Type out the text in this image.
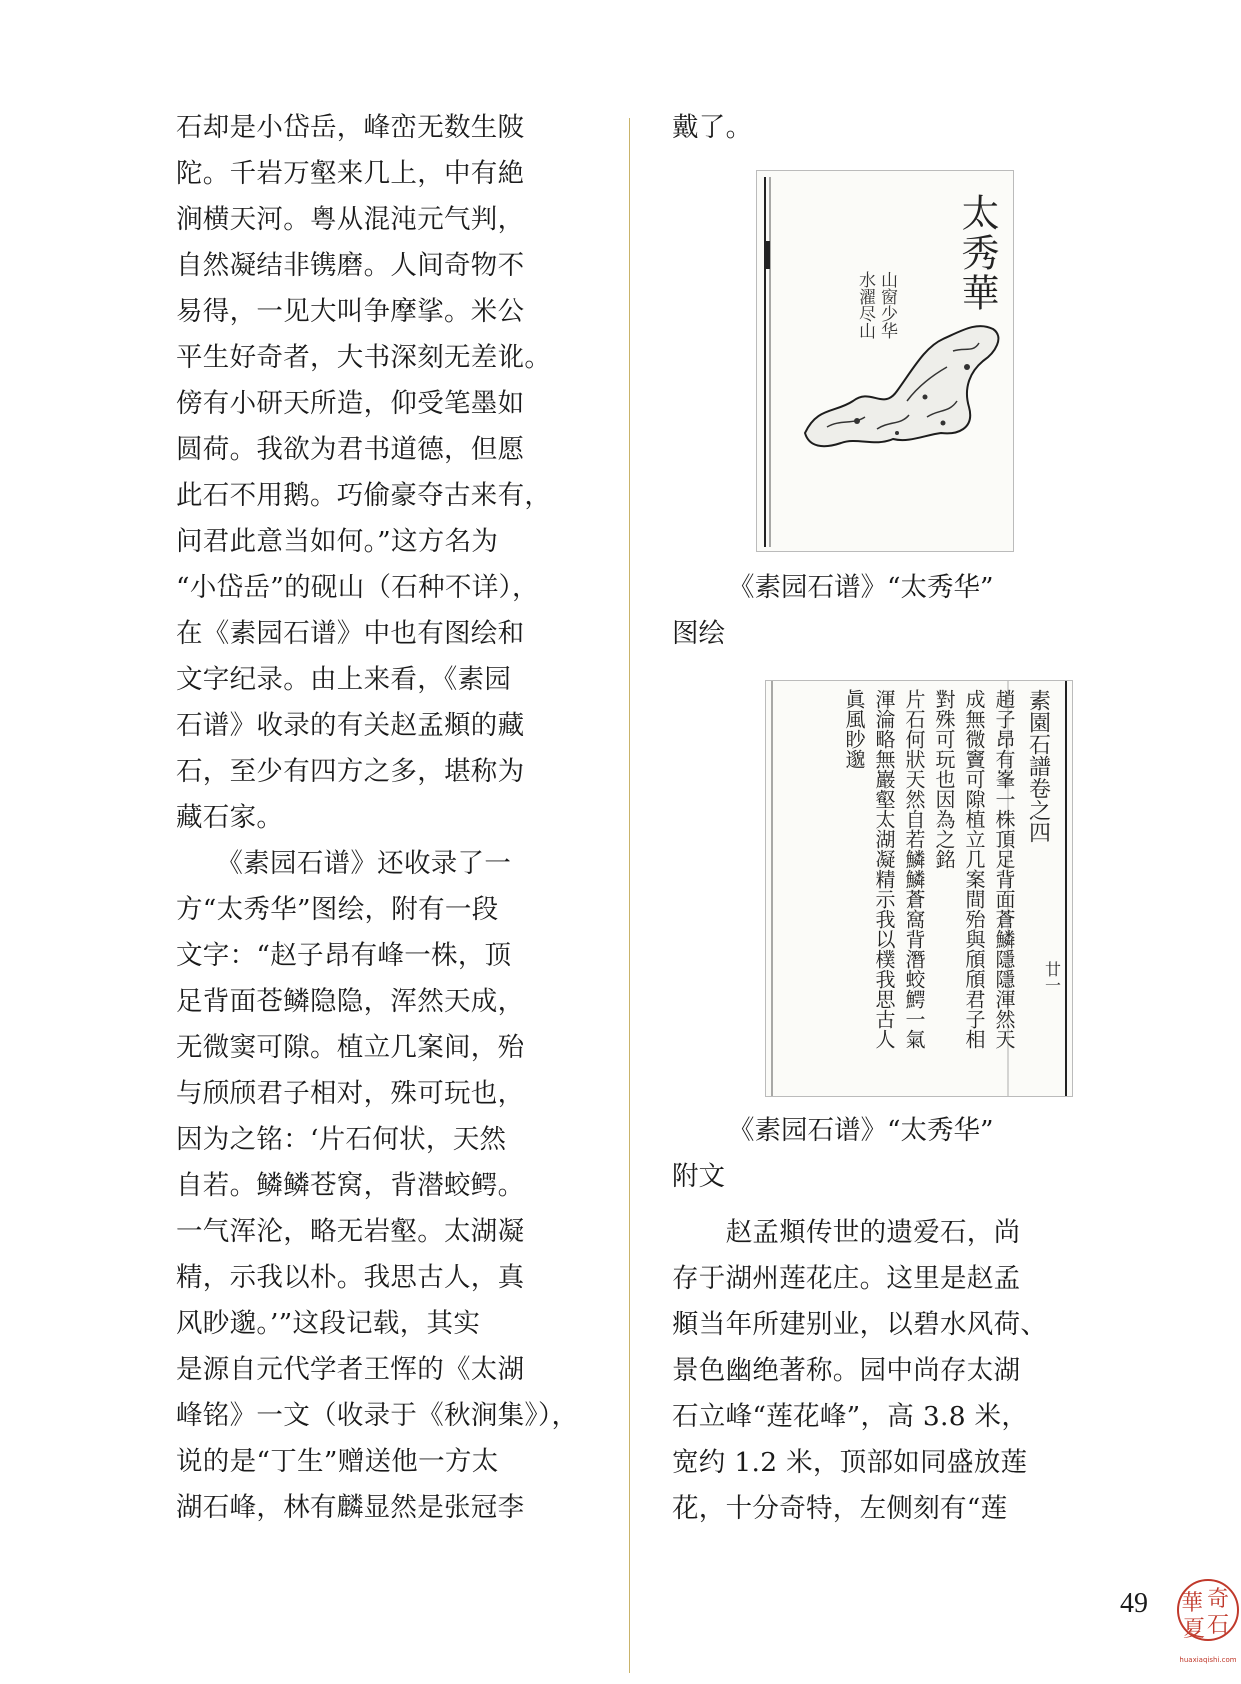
石却是小岱岳，峰峦无数生陂
陀。千岩万壑来几上，中有絶
涧横天河。粤从混沌元气判，
自然凝结非镌磨。人间奇物不
易得，一见大叫争摩挲。米公
平生好奇者，大书深刻无差讹。
傍有小研天所造，仰受笔墨如
圆荷。我欲为君书道德，但愿
此石不用鹅。巧偷豪夺古来有，
问君此意当如何。”这方名为
“小岱岳”的砚山（石种不详），
在《素园石谱》中也有图绘和
文字纪录。由上来看，《素园
石谱》收录的有关赵孟頫的藏
石，至少有四方之多，堪称为
藏石家。
　　《素园石谱》还收录了一
方“太秀华”图绘，附有一段
文字：“赵子昂有峰一株，顶
足背面苍鳞隐隐，浑然天成，
无微窦可隙。植立几案间，殆
与颀颀君子相对，殊可玩也，
因为之铭：‘片石何状，天然
自若。鳞鳞苍窝，背潜蛟鳄。
一气浑沦，略无岩壑。太湖凝
精，示我以朴。我思古人，真
风眇邈。’”这段记载，其实
是源自元代学者王恽的《太湖
峰铭》一文（收录于《秋涧集》），
说的是“丁生”赠送他一方太
湖石峰，林有麟显然是张冠李
戴了。
太秀華
山窗少华
水濯尽山
《素园石谱》“太秀华”
图绘
素園石譜卷之四
趙子昂有峯一株頂足背面蒼鱗隱隱渾然天
成無微竇可隙植立几案間殆與頎頎君子相
對殊可玩也因為之銘
片石何狀天然自若鱗鱗蒼窩背潛蛟鰐一氣
渾淪略無巖壑太湖凝精示我以樸我思古人
眞風眇邈
廿一
《素园石谱》“太秀华”
附文
　　赵孟頫传世的遗爱石，尚
存于湖州莲花庄。这里是赵孟
頫当年所建别业，以碧水风荷、
景色幽绝著称。园中尚存太湖
石立峰“莲花峰”，高 3.8 米，
宽约 1.2 米，顶部如同盛放莲
花，十分奇特，左侧刻有“莲
49	奇
石
華
夏
huaxiaqishi.com
